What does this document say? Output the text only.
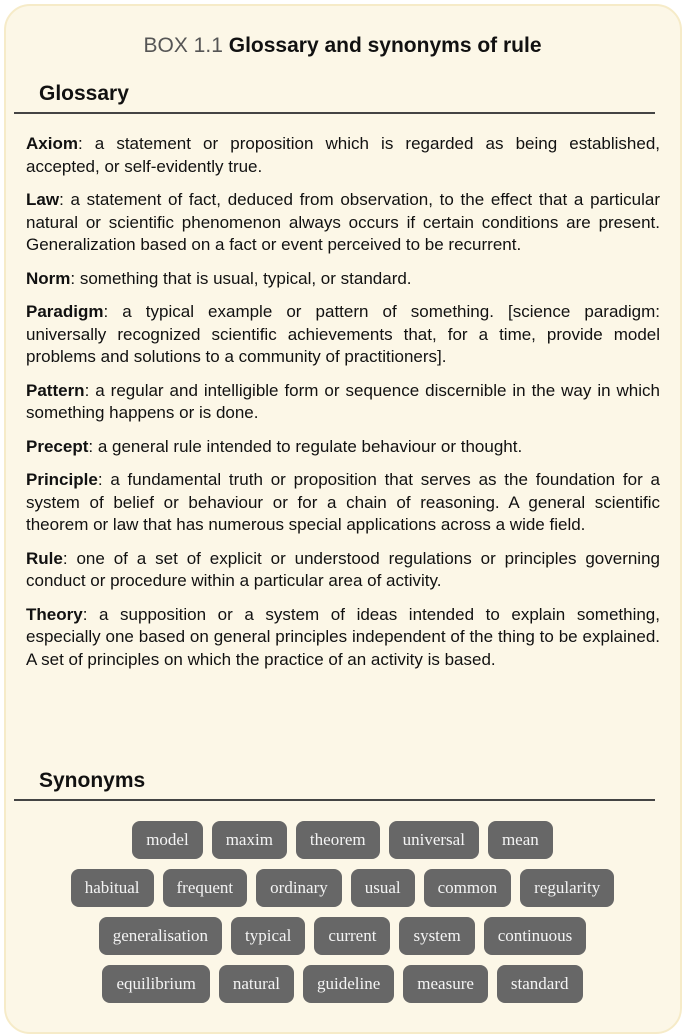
BOX 1.1 Glossary and synonyms of rule
Glossary

Axiom: a statement or proposition which is regarded as being established, accepted, or self-evidently true.

Law: a statement of fact, deduced from observation, to the effect that a particular natural or scientific phenomenon always occurs if certain conditions are present. Generalization based on a fact or event perceived to be recurrent.

Norm: something that is usual, typical, or standard.

Paradigm: a typical example or pattern of something. [science paradigm: universally recognized scientific achievements that, for a time, provide model problems and solutions to a community of practitioners].

Pattern: a regular and intelligible form or sequence discernible in the way in which something happens or is done.

Precept: a general rule intended to regulate behaviour or thought.

Principle: a fundamental truth or proposition that serves as the foundation for a system of belief or behaviour or for a chain of reasoning. A general scientific theorem or law that has numerous special applications across a wide field.

Rule: one of a set of explicit or understood regulations or principles governing conduct or procedure within a particular area of activity.

Theory: a supposition or a system of ideas intended to explain something, especially one based on general principles independent of the thing to be explained. A set of principles on which the practice of an activity is based.

Synonyms
model	maxim	theorem	universal	mean
habitual	frequent	ordinary	usual	common	regularity
generalisation	typical	current	system	continuous
equilibrium	natural	guideline	measure	standard
